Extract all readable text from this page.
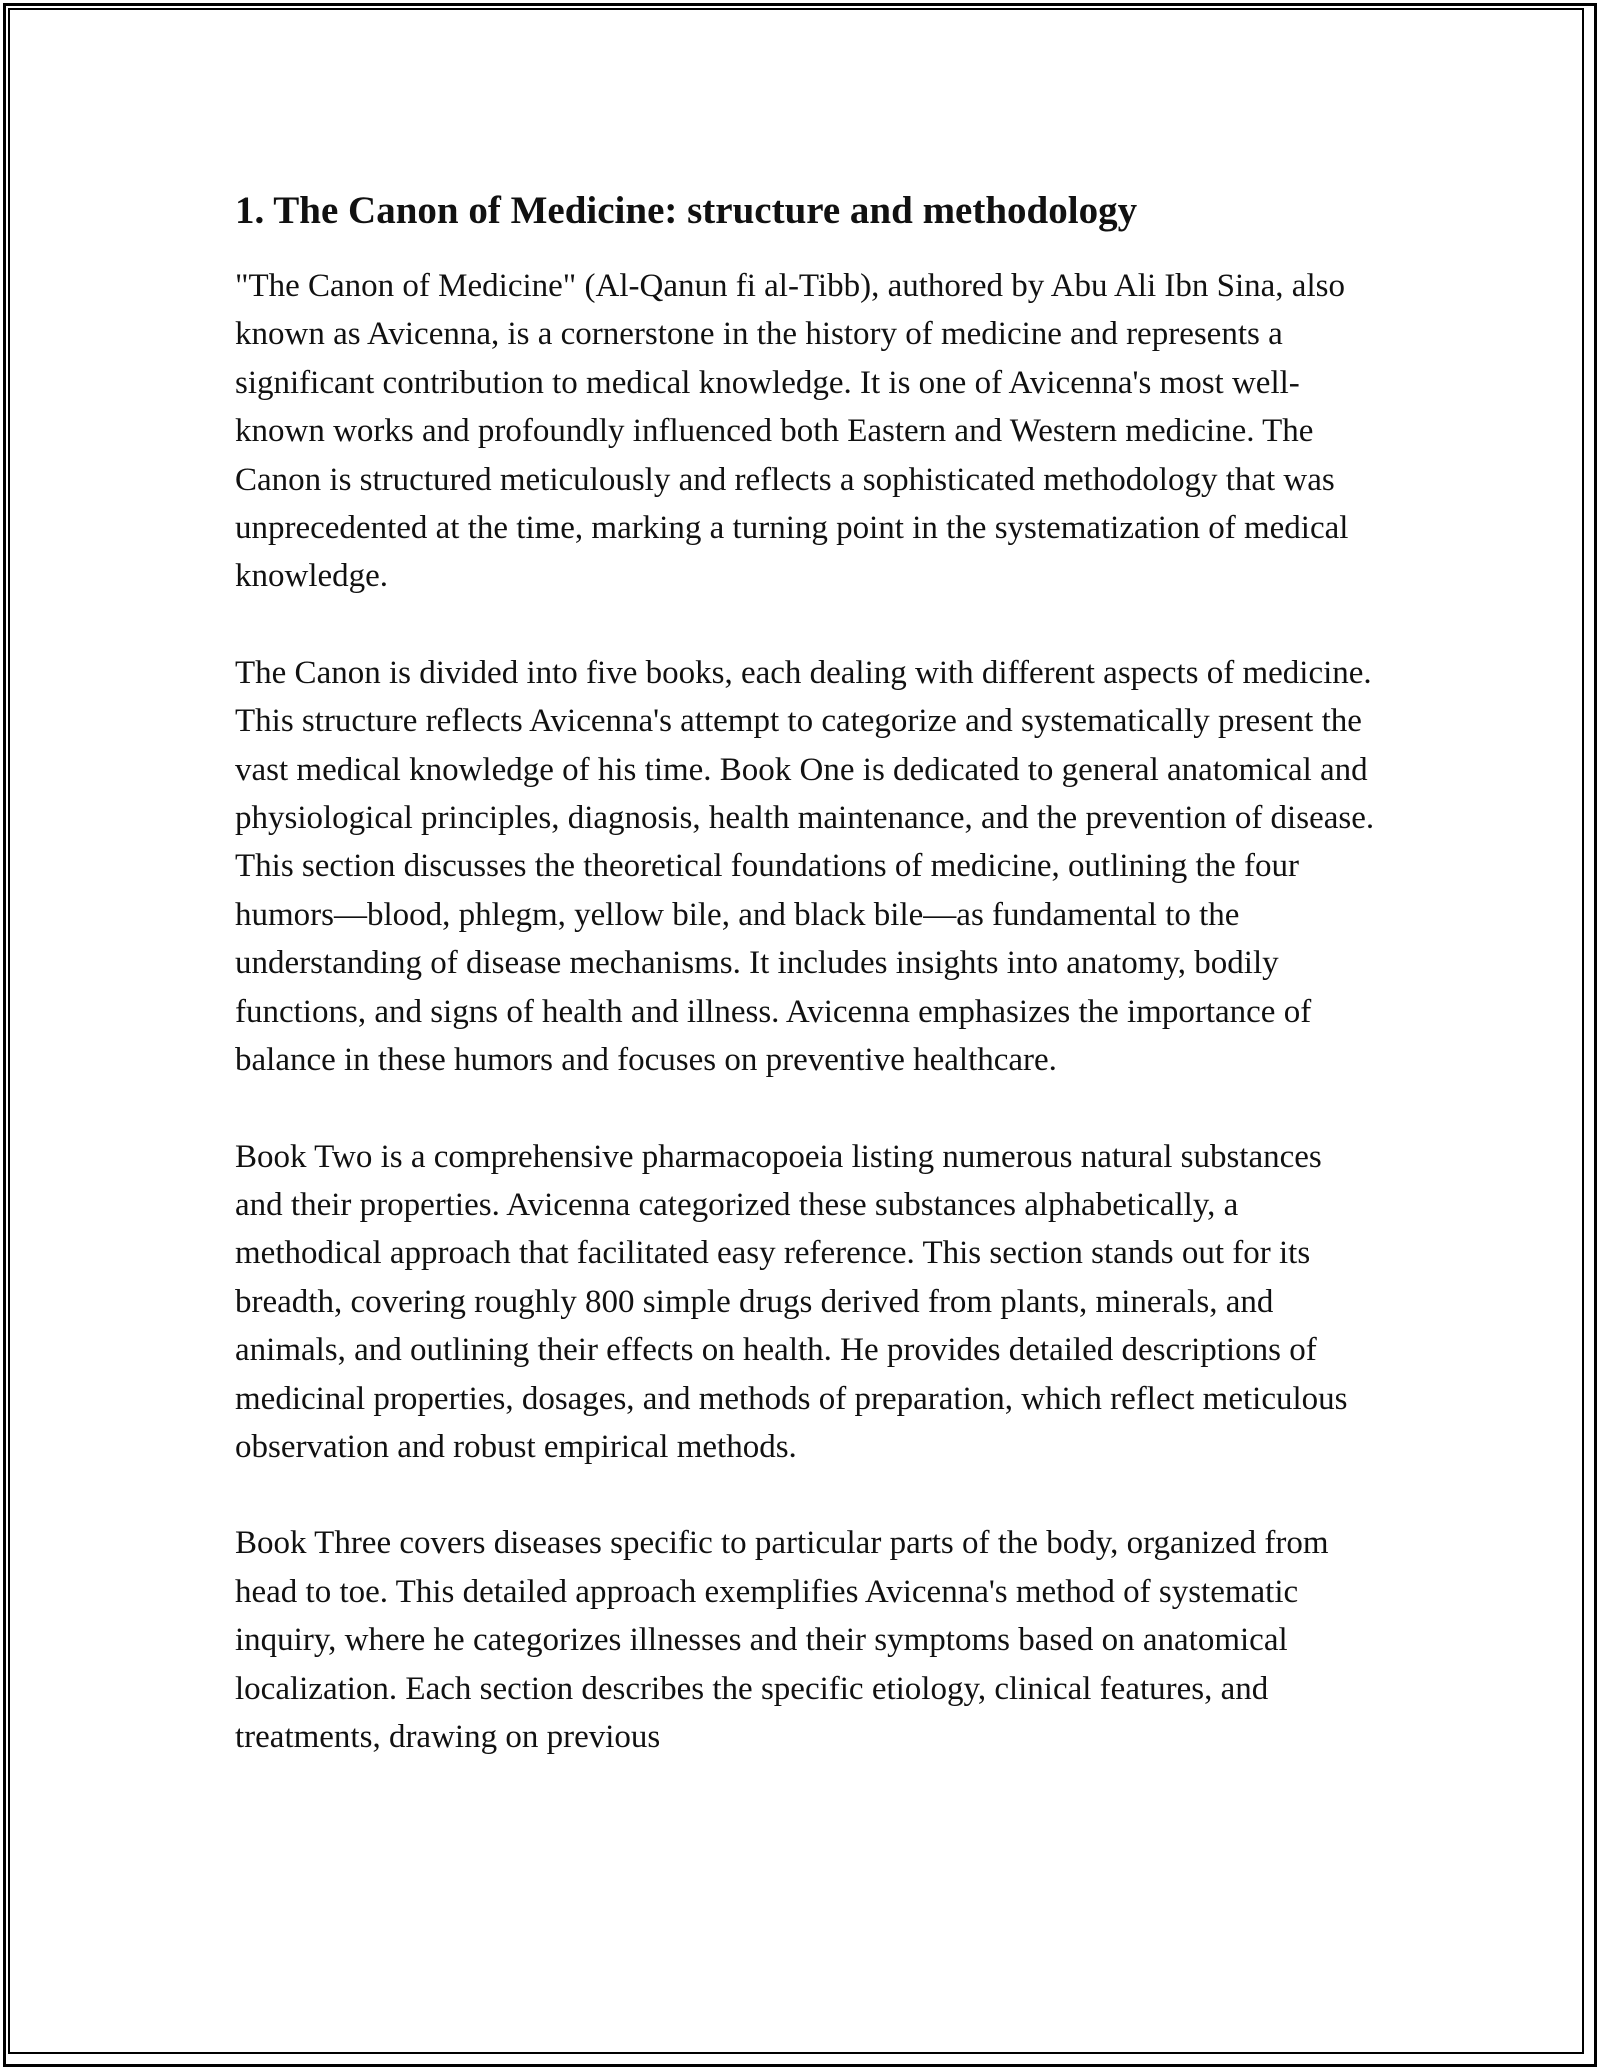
1. The Canon of Medicine: structure and methodology

"The Canon of Medicine" (Al-Qanun fi al-Tibb), authored by Abu Ali Ibn Sina, also known as Avicenna, is a cornerstone in the history of medicine and represents a significant contribution to medical knowledge. It is one of Avicenna's most well-known works and profoundly influenced both Eastern and Western medicine. The Canon is structured meticulously and reflects a sophisticated methodology that was unprecedented at the time, marking a turning point in the systematization of medical knowledge.

The Canon is divided into five books, each dealing with different aspects of medicine. This structure reflects Avicenna's attempt to categorize and systematically present the vast medical knowledge of his time. Book One is dedicated to general anatomical and physiological principles, diagnosis, health maintenance, and the prevention of disease. This section discusses the theoretical foundations of medicine, outlining the four humors—blood, phlegm, yellow bile, and black bile—as fundamental to the understanding of disease mechanisms. It includes insights into anatomy, bodily functions, and signs of health and illness. Avicenna emphasizes the importance of balance in these humors and focuses on preventive healthcare.

Book Two is a comprehensive pharmacopoeia listing numerous natural substances and their properties. Avicenna categorized these substances alphabetically, a methodical approach that facilitated easy reference. This section stands out for its breadth, covering roughly 800 simple drugs derived from plants, minerals, and animals, and outlining their effects on health. He provides detailed descriptions of medicinal properties, dosages, and methods of preparation, which reflect meticulous observation and robust empirical methods.

Book Three covers diseases specific to particular parts of the body, organized from head to toe. This detailed approach exemplifies Avicenna's method of systematic inquiry, where he categorizes illnesses and their symptoms based on anatomical localization. Each section describes the specific etiology, clinical features, and treatments, drawing on previous
